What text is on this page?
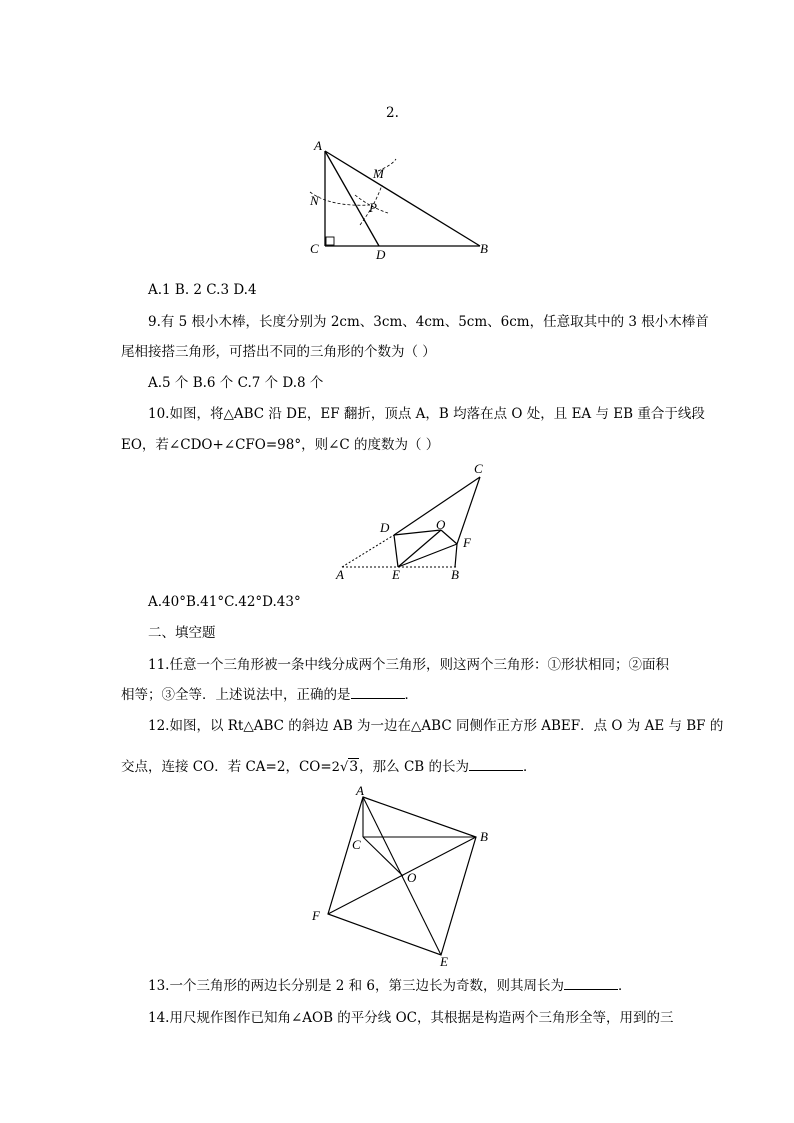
2.
A
M
N	P
C	D	B
A.1 B. 2 C.3 D.4
9.有 5 根小木棒，长度分别为 2cm、3cm、4cm、5cm、6cm，任意取其中的 3 根小木棒首
尾相接搭三角形，可搭出不同的三角形的个数为（ ）
A.5 个 B.6 个 C.7 个 D.8 个
10.如图，将△ABC 沿 DE，EF 翻折，顶点 A，B 均落在点 O 处，且 EA 与 EB 重合于线段
EO，若∠CDO+∠CFO=98°，则∠C 的度数为（ ）
C
D	O
F
A	E	B
A.40°B.41°C.42°D.43°
二、填空题
11.任意一个三角形被一条中线分成两个三角形，则这两个三角形：①形状相同；②面积
相等；③全等．上述说法中，正确的是	．
12.如图，以 Rt△ABC 的斜边 AB 为一边在△ABC 同侧作正方形 ABEF．点 O 为 AE 与 BF 的
交点，连接 CO．若 CA=2，CO=2√3，那么 CB 的长为	．
A
B
C
O
F
E
13.一个三角形的两边长分别是 2 和 6，第三边长为奇数，则其周长为	．
14.用尺规作图作已知角∠AOB 的平分线 OC，其根据是构造两个三角形全等，用到的三
